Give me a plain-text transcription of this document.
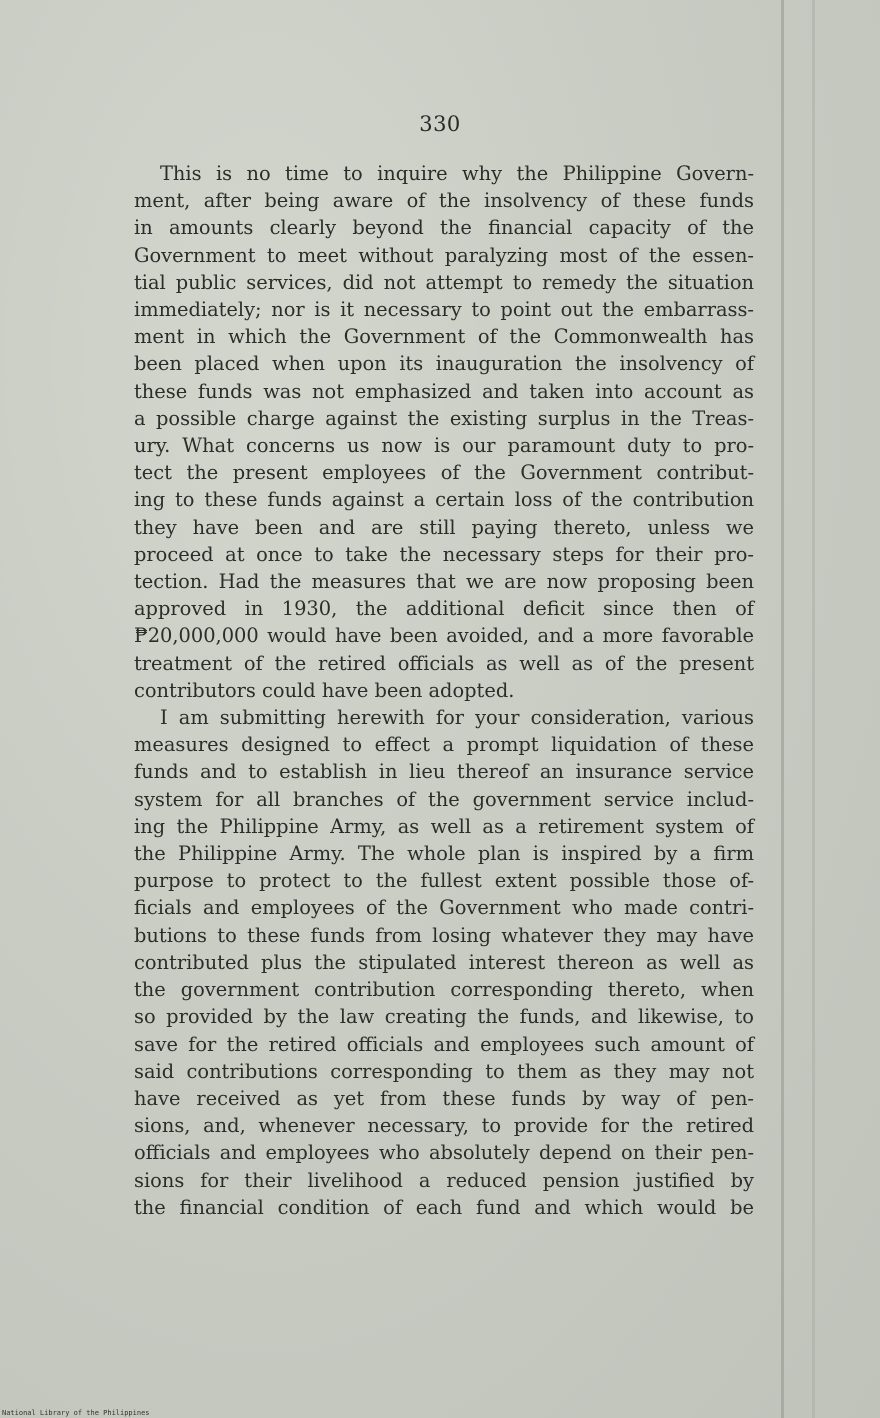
330
This is no time to inquire why the Philippine Govern-
ment, after being aware of the insolvency of these funds
in amounts clearly beyond the financial capacity of the
Government to meet without paralyzing most of the essen-
tial public services, did not attempt to remedy the situation
immediately; nor is it necessary to point out the embarrass-
ment in which the Government of the Commonwealth has
been placed when upon its inauguration the insolvency of
these funds was not emphasized and taken into account as
a possible charge against the existing surplus in the Treas-
ury. What concerns us now is our paramount duty to pro-
tect the present employees of the Government contribut-
ing to these funds against a certain loss of the contribution
they have been and are still paying thereto, unless we
proceed at once to take the necessary steps for their pro-
tection. Had the measures that we are now proposing been
approved in 1930, the additional deficit since then of
₱20,000,000 would have been avoided, and a more favorable
treatment of the retired officials as well as of the present
contributors could have been adopted.
I am submitting herewith for your consideration, various
measures designed to effect a prompt liquidation of these
funds and to establish in lieu thereof an insurance service
system for all branches of the government service includ-
ing the Philippine Army, as well as a retirement system of
the Philippine Army. The whole plan is inspired by a firm
purpose to protect to the fullest extent possible those of-
ficials and employees of the Government who made contri-
butions to these funds from losing whatever they may have
contributed plus the stipulated interest thereon as well as
the government contribution corresponding thereto, when
so provided by the law creating the funds, and likewise, to
save for the retired officials and employees such amount of
said contributions corresponding to them as they may not
have received as yet from these funds by way of pen-
sions, and, whenever necessary, to provide for the retired
officials and employees who absolutely depend on their pen-
sions for their livelihood a reduced pension justified by
the financial condition of each fund and which would be
National Library of the Philippines
